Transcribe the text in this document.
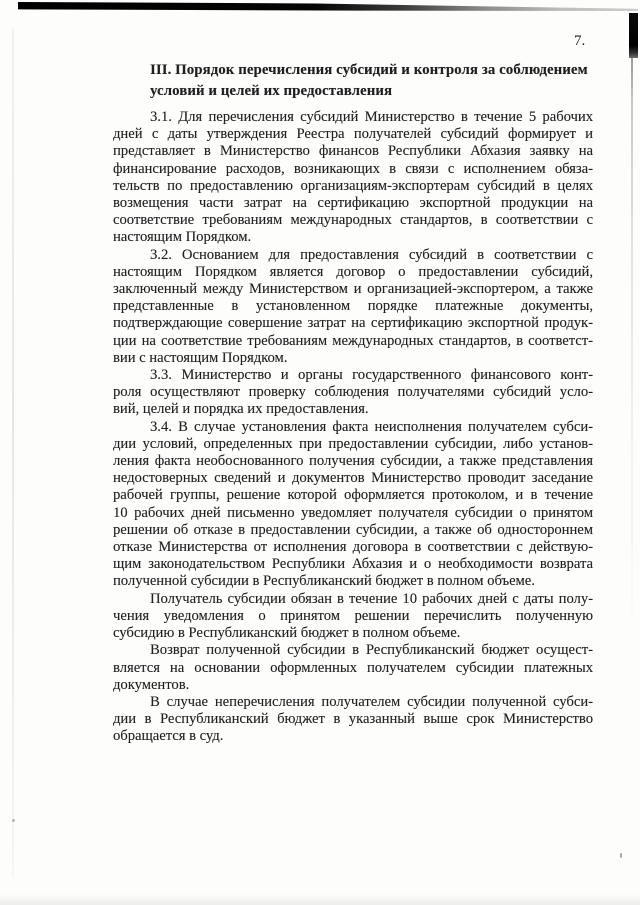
7.
III. Порядок перечисления субсидий и контроля за соблюдением
условий и целей их предоставления
3.1. Для перечисления субсидий Министерство в течение 5 рабочих
дней с даты утверждения Реестра получателей субсидий формирует и
представляет в Министерство финансов Республики Абхазия заявку на
финансирование расходов, возникающих в связи с исполнением обяза-
тельств по предоставлению организациям-экспортерам субсидий в целях
возмещения части затрат на сертификацию экспортной продукции на
соответствие требованиям международных стандартов, в соответствии с
настоящим Порядком.
3.2. Основанием для предоставления субсидий в соответствии с
настоящим Порядком является договор о предоставлении субсидий,
заключенный между Министерством и организацией-экспортером, а также
представленные в установленном порядке платежные документы,
подтверждающие совершение затрат на сертификацию экспортной продук-
ции на соответствие требованиям международных стандартов, в соответст-
вии с настоящим Порядком.
3.3. Министерство и органы государственного финансового конт-
роля осуществляют проверку соблюдения получателями субсидий усло-
вий, целей и порядка их предоставления.
3.4. В случае установления факта неисполнения получателем субси-
дии условий, определенных при предоставлении субсидии, либо установ-
ления факта необоснованного получения субсидии, а также представления
недостоверных сведений и документов Министерство проводит заседание
рабочей группы, решение которой оформляется протоколом, и в течение
10 рабочих дней письменно уведомляет получателя субсидии о принятом
решении об отказе в предоставлении субсидии, а также об одностороннем
отказе Министерства от исполнения договора в соответствии с действую-
щим законодательством Республики Абхазия и о необходимости возврата
полученной субсидии в Республиканский бюджет в полном объеме.
Получатель субсидии обязан в течение 10 рабочих дней с даты полу-
чения уведомления о принятом решении перечислить полученную
субсидию в Республиканский бюджет в полном объеме.
Возврат полученной субсидии в Республиканский бюджет осущест-
вляется на основании оформленных получателем субсидии платежных
документов.
В случае неперечисления получателем субсидии полученной субси-
дии в Республиканский бюджет в указанный выше срок Министерство
обращается в суд.
